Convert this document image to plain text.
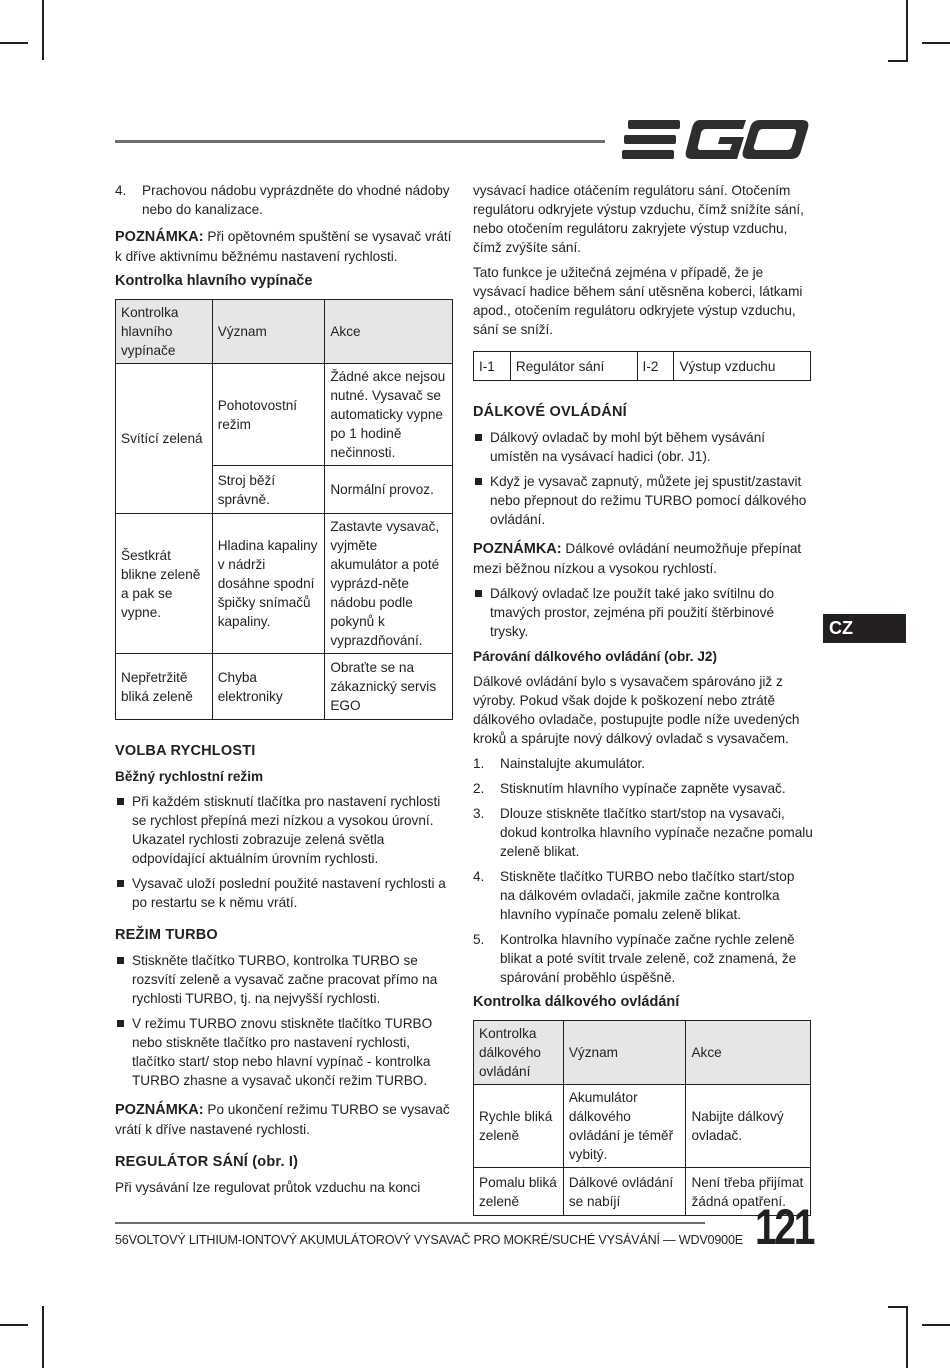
4. Prachovou nádobu vyprázdněte do vhodné nádoby nebo do kanalizace.

POZNÁMKA: Při opětovném spuštění se vysavač vrátí k dříve aktivnímu běžnému nastavení rychlosti.

Kontrolka hlavního vypínače
Kontrolka hlavního vypínače	Význam	Akce
Svítící zelená	Pohotovostní režim	Žádné akce nejsou nutné. Vysavač se automaticky vypne po 1 hodině nečinnosti.
	Stroj běží správně.	Normální provoz.
Šestkrát blikne zeleně a pak se vypne.	Hladina kapaliny v nádrži dosáhne spodní špičky snímačů kapaliny.	Zastavte vysavač, vyjměte akumulátor a poté vyprázd-něte nádobu podle pokynů k vyprazdňování.
Nepřetržitě bliká zeleně	Chyba elektroniky	Obraťte se na zákaznický servis EGO
VOLBA RYCHLOSTI
Běžný rychlostní režim
Při každém stisknutí tlačítka pro nastavení rychlosti se rychlost přepíná mezi nízkou a vysokou úrovní. Ukazatel rychlosti zobrazuje zelená světla odpovídající aktuálním úrovním rychlosti.
Vysavač uloží poslední použité nastavení rychlosti a po restartu se k němu vrátí.
REŽIM TURBO
Stiskněte tlačítko TURBO, kontrolka TURBO se rozsvítí zeleně a vysavač začne pracovat přímo na rychlosti TURBO, tj. na nejvyšší rychlosti.
V režimu TURBO znovu stiskněte tlačítko TURBO nebo stiskněte tlačítko pro nastavení rychlosti, tlačítko start/ stop nebo hlavní vypínač - kontrolka TURBO zhasne a vysavač ukončí režim TURBO.

POZNÁMKA: Po ukončení režimu TURBO se vysavač vrátí k dříve nastavené rychlosti.

REGULÁTOR SÁNÍ (obr. I)

Při vysávání lze regulovat průtok vzduchu na konci

vysávací hadice otáčením regulátoru sání. Otočením regulátoru odkryjete výstup vzduchu, čímž snížíte sání, nebo otočením regulátoru zakryjete výstup vzduchu, čímž zvýšíte sání.

Tato funkce je užitečná zejména v případě, že je vysávací hadice během sání utěsněna koberci, látkami apod., otočením regulátoru odkryjete výstup vzduchu, sání se sníží.

I-1	Regulátor sání	I-2	Výstup vzduchu
DÁLKOVÉ OVLÁDÁNÍ
Dálkový ovladač by mohl být během vysávání umístěn na vysávací hadici (obr. J1).
Když je vysavač zapnutý, můžete jej spustit/zastavit nebo přepnout do režimu TURBO pomocí dálkového ovládání.

POZNÁMKA: Dálkové ovládání neumožňuje přepínat mezi běžnou nízkou a vysokou rychlostí.

Dálkový ovladač lze použít také jako svítilnu do tmavých prostor, zejména při použití štěrbinové trysky.
Párování dálkového ovládání (obr. J2)

Dálkové ovládání bylo s vysavačem spárováno již z výroby. Pokud však dojde k poškození nebo ztrátě dálkového ovladače, postupujte podle níže uvedených kroků a spárujte nový dálkový ovladač s vysavačem.

1. Nainstalujte akumulátor.
2. Stisknutím hlavního vypínače zapněte vysavač.
3. Dlouze stiskněte tlačítko start/stop na vysavači, dokud kontrolka hlavního vypínače nezačne pomalu zeleně blikat.
4. Stiskněte tlačítko TURBO nebo tlačítko start/stop na dálkovém ovladači, jakmile začne kontrolka hlavního vypínače pomalu zeleně blikat.
5. Kontrolka hlavního vypínače začne rychle zeleně blikat a poté svítit trvale zeleně, což znamená, že spárování proběhlo úspěšně.
Kontrolka dálkového ovládání
Kontrolka dálkového ovládání	Význam	Akce
Rychle bliká zeleně	Akumulátor dálkového ovládání je téměř vybitý.	Nabijte dálkový ovladač.
Pomalu bliká zeleně	Dálkové ovládání se nabíjí	Není třeba přijímat žádná opatření.
CZ
56VOLTOVÝ LITHIUM-IONTOVÝ AKUMULÁTOROVÝ VYSAVAČ PRO MOKRÉ/SUCHÉ VYSÁVÁNÍ — WDV0900E 121
